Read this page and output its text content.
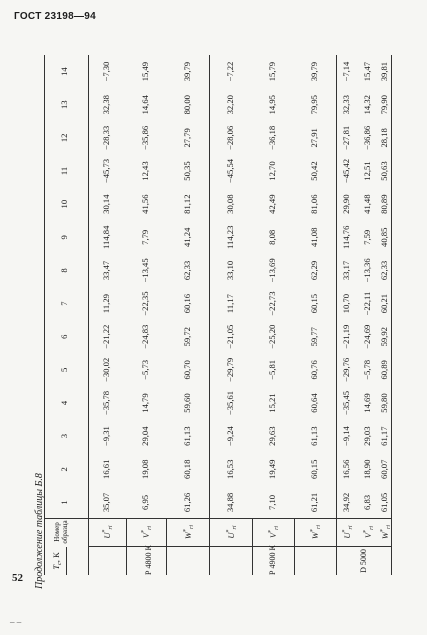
ГОСТ 23198—94
Продолжение таблицы Б.8
52
– –
$T_c$, К
Номер образца
Р 4800 К	Р 4900 К	D 5000
$U^*_{ri}$
$V^*_{ri}$
$W^*_{ri}$
$U^*_{ri}$
$V^*_{ri}$
$W^*_{ri}$
$U^*_{ri}$
$V^*_{ri}$
$W^*_{ri}$
1	35,07	6,95	61,26	34,88	7,10	61,21	34,92 6,83 61,05
2	16,61	19,08	60,18	16,53	19,49	60,15	16,56 18,90 60,07
3	−9,31	29,04	61,13	−9,24	29,63	61,13	−9,14 29,03 61,17
4	−35,78	14,79	59,60	−35,61	15,21	60,64	−35,45 14,69 59,80
5	−30,02	−5,73	60,70	−29,79	−5,81	60,76	−29,76 −5,78 60,89
6	−21,22	−24,83	59,72	−21,05	−25,20	59,77	−21,19 −24,69 59,92
7	11,29	−22,35	60,16	11,17	−22,73	60,15	10,70 −22,11 60,21
8	33,47	−13,45	62,33	33,10	−13,69	62,29	33,17 −13,36 62,33
9	114,84	7,79	41,24	114,23	8,08	41,08	114,76 7,59 40,85
10	30,14	41,56	81,12	30,08	42,49	81,06	29,90 41,48 80,89
11	−45,73	12,43	50,35	−45,54	12,70	50,42	−45,42 12,51 50,63
12	−28,33	−35,86	27,79	−28,06	−36,18	27,91	−27,81 −36,86 28,18
13	32,38	14,64	80,00	32,20	14,95	79,95	32,33 14,32 79,90
14	−7,30	15,49	39,79	−7,22	15,79	39,79	−7,14 15,47 39,81
